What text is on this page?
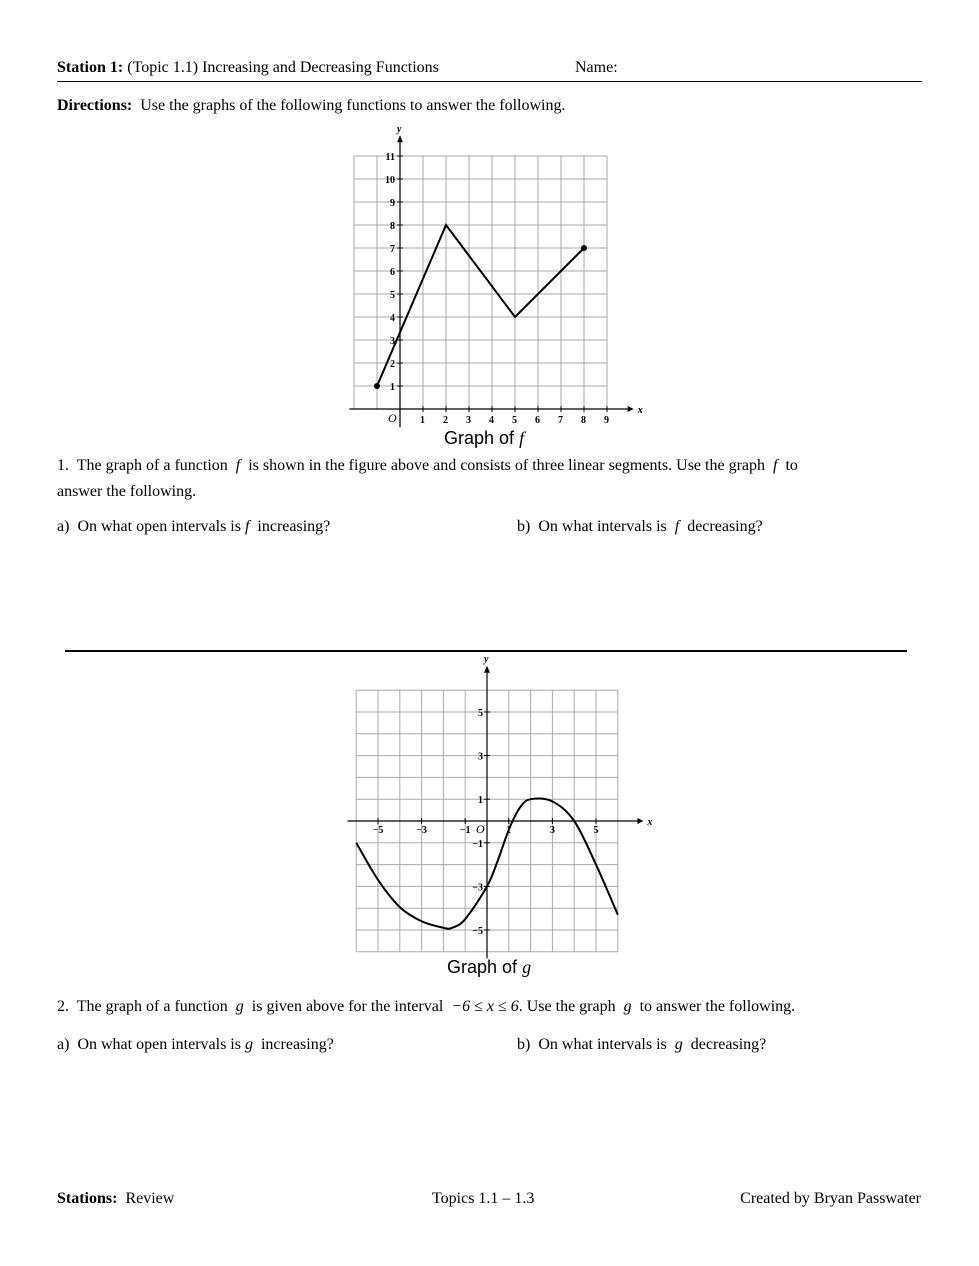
Station 1: (Topic 1.1) Increasing and Decreasing Functions	Name:
Directions: Use the graphs of the following functions to answer the following.
x
y
O 1 2 3 4 5 6 7 8 9
1
2
3
4
5
6
7
8
9
10
11
Graph of f
1. The graph of a function f is shown in the figure above and consists of three linear segments. Use the graph f to
answer the following.
a) On what open intervals is f increasing?	b) On what intervals is f decreasing?
x
y
O
−5	−3	−1	1	3	5
5
3
1
−1
−3
−5
Graph of g
2. The graph of a function g is given above for the interval −6 ≤ x ≤ 6. Use the graph g to answer the following.
a) On what open intervals is g increasing?	b) On what intervals is g decreasing?
Stations: Review	Topics 1.1 – 1.3	Created by Bryan Passwater
